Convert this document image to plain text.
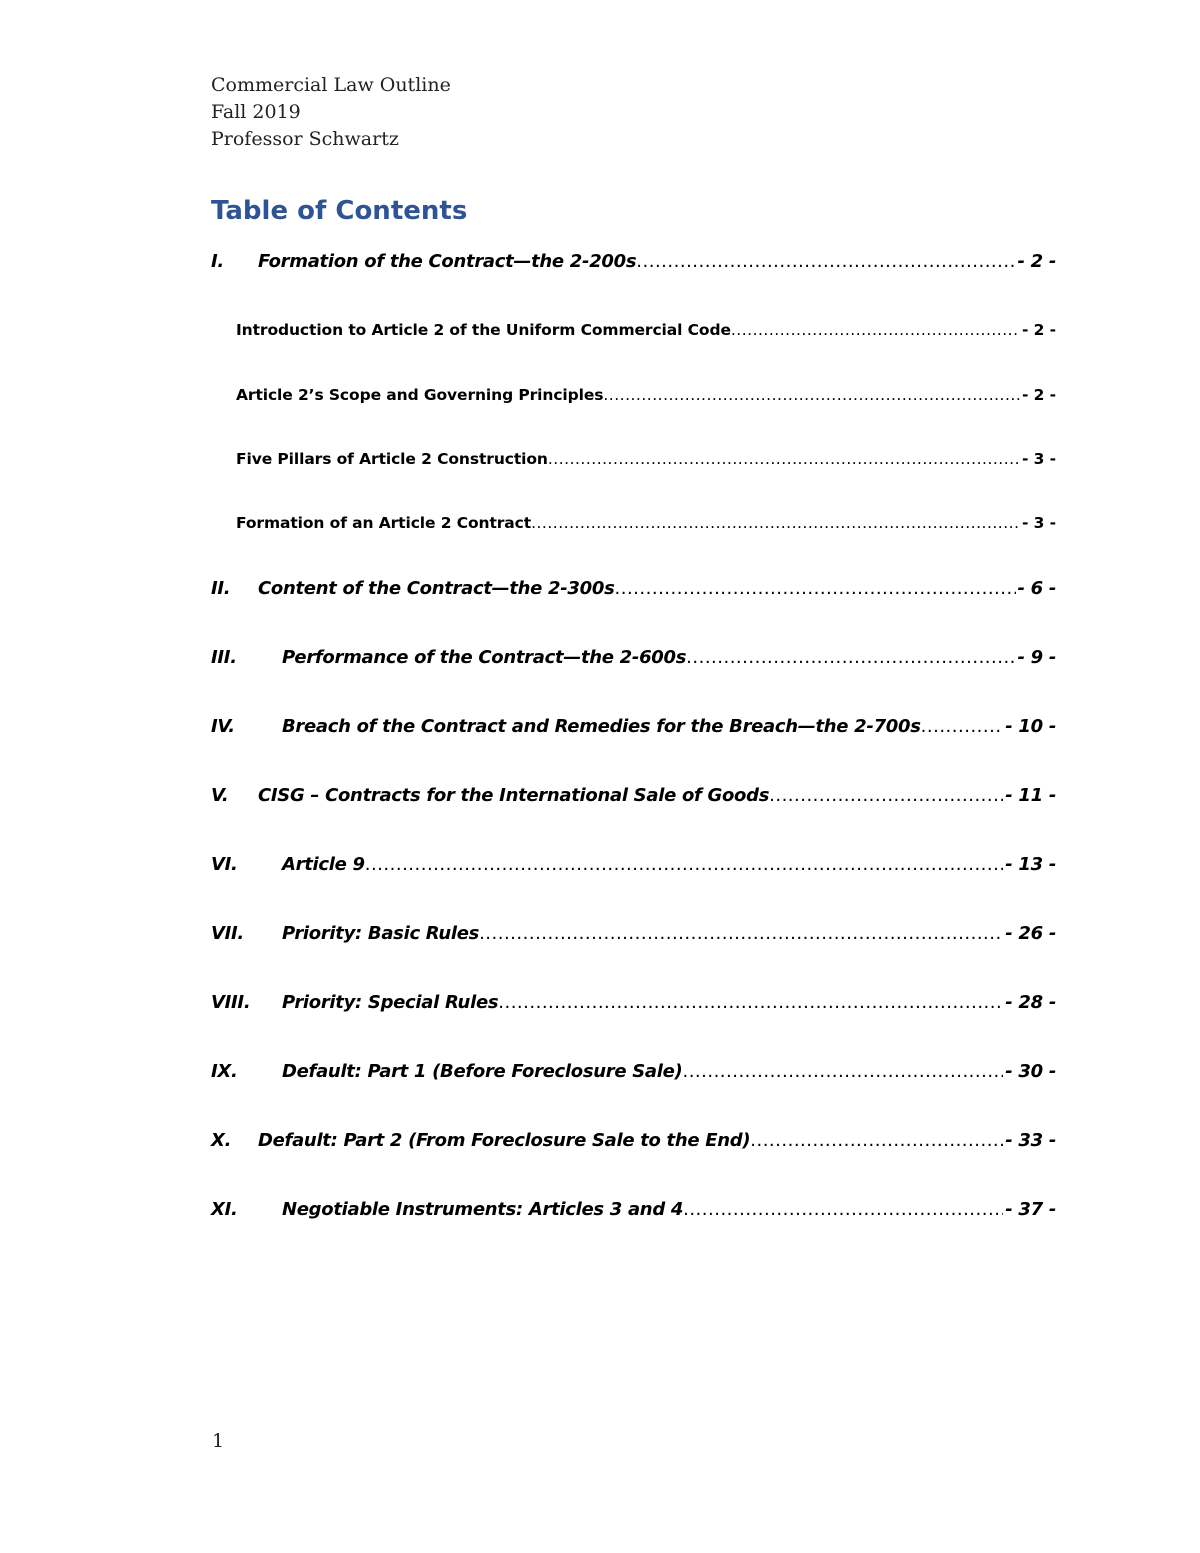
Commercial Law Outline
Fall 2019
Professor Schwartz
Table of Contents
I.	Formation of the Contract—the 2-200s .....	- 2 -
Introduction to Article 2 of the Uniform Commercial Code .....	- 2 -
Article 2’s Scope and Governing Principles .....	- 2 -
Five Pillars of Article 2 Construction .....	- 3 -
Formation of an Article 2 Contract .....	- 3 -
II.	Content of the Contract—the 2-300s .....	- 6 -
III.	Performance of the Contract—the 2-600s .....	- 9 -
IV.	Breach of the Contract and Remedies for the Breach—the 2-700s .....	- 10 -
V.	CISG – Contracts for the International Sale of Goods .....	- 11 -
VI.	Article 9 .....	- 13 -
VII.	Priority: Basic Rules .....	- 26 -
VIII.	Priority: Special Rules .....	- 28 -
IX.	Default: Part 1 (Before Foreclosure Sale) .....	- 30 -
X.	Default: Part 2 (From Foreclosure Sale to the End) .....	- 33 -
XI.	Negotiable Instruments: Articles 3 and 4 .....	- 37 -
1
